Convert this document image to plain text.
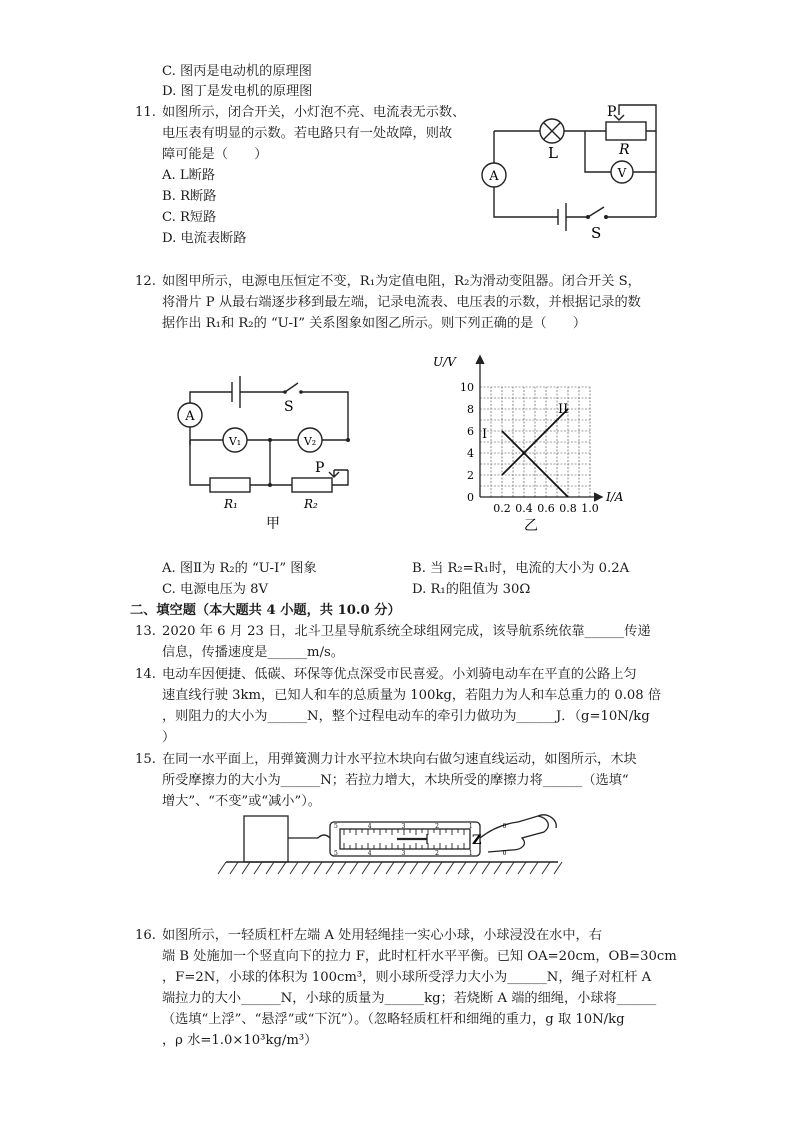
C. 图丙是电动机的原理图
D. 图丁是发电机的原理图
11. 如图所示，闭合开关，小灯泡不亮、电流表无示数、
电压表有明显的示数。若电路只有一处故障，则故
障可能是（　　）
A. L断路
B. R断路
C. R短路
D. 电流表断路
A	V
P
L	R
S
12. 如图甲所示，电源电压恒定不变，R₁为定值电阻，R₂为滑动变阻器。闭合开关 S，
将滑片 P 从最右端逐步移到最左端，记录电流表、电压表的示数，并根据记录的数
据作出 R₁和 R₂的 “U-I” 关系图象如图乙所示。则下列正确的是（　　）
A
V₁	V₂
S
P
R₁	R₂
甲
10
8
6
4
2
0
0.2 0.4 0.6 0.8 1.0
U/V
I/A
I
II
乙
A. 图Ⅱ为 R₂的 “U-I” 图象	B. 当 R₂=R₁时，电流的大小为 0.2A
C. 电源电压为 8V	D. R₁的阻值为 30Ω
二、填空题（本大题共 4 小题，共 10.0 分）
13. 2020 年 6 月 23 日，北斗卫星导航系统全球组网完成，该导航系统依靠______传递
信息，传播速度是______m/s。
14. 电动车因便捷、低碳、环保等优点深受市民喜爱。小刘骑电动车在平直的公路上匀
速直线行驶 3km，已知人和车的总质量为 100kg，若阻力为人和车总重力的 0.08 倍
，则阻力的大小为______N，整个过程电动车的牵引力做功为______J．（g=10N/kg
）
15. 在同一水平面上，用弹簧测力计水平拉木块向右做匀速直线运动，如图所示，木块
所受摩擦力的大小为______N；若拉力增大，木块所受的摩擦力将______（选填“
增大”、“不变”或“减小”）。
5 4 3 2 1 0
5 4 3 2 1 0
Z
16. 如图所示，一轻质杠杆左端 A 处用轻绳挂一实心小球，小球浸没在水中，右
端 B 处施加一个竖直向下的拉力 F，此时杠杆水平平衡。已知 OA=20cm，OB=30cm
，F=2N，小球的体积为 100cm³，则小球所受浮力大小为______N，绳子对杠杆 A
端拉力的大小______N，小球的质量为______kg；若烧断 A 端的细绳，小球将______
（选填“上浮”、“悬浮”或“下沉”）。（忽略轻质杠杆和细绳的重力，g 取 10N/kg
，ρ 水=1.0×10³kg/m³）
